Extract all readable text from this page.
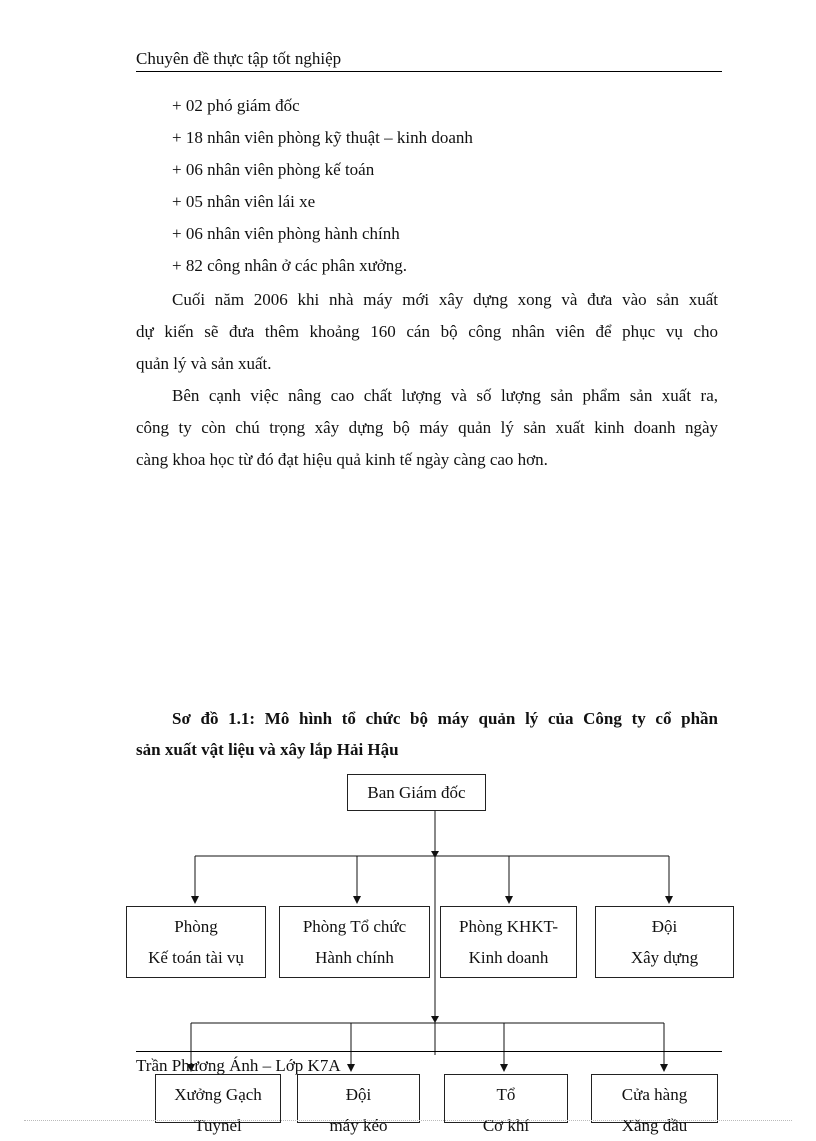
Chuyên đề thực tập tốt nghiệp
+ 02 phó giám đốc
+ 18 nhân viên phòng kỹ thuật – kinh doanh
+ 06 nhân viên phòng kế toán
+ 05 nhân viên lái xe
+ 06 nhân viên phòng hành chính
+ 82 công nhân ở các phân xưởng.
Cuối năm 2006 khi nhà máy mới xây dựng xong và đưa vào sản xuất
dự kiến sẽ đưa thêm khoảng 160 cán bộ công nhân viên để phục vụ cho
quản lý và sản xuất.
Bên cạnh việc nâng cao chất lượng và số lượng sản phẩm sản xuất ra,
công ty còn chú trọng xây dựng bộ máy quản lý sản xuất kinh doanh ngày
càng khoa học từ đó đạt hiệu quả kinh tế ngày càng cao hơn.
Sơ đồ 1.1: Mô hình tổ chức bộ máy quản lý của Công ty cổ phần
sản xuất vật liệu và xây lắp Hải Hậu
Ban Giám đốc
Phòng
Kế toán tài vụ
Phòng Tổ chức
Hành chính
Phòng KHKT-
Kinh doanh
Đội
Xây dựng
Xưởng Gạch
Tuynel
Đội
máy kéo
Tổ
Cơ khí
Cửa hàng
Xăng dầu
Trần Phương Ánh – Lớp K7A
